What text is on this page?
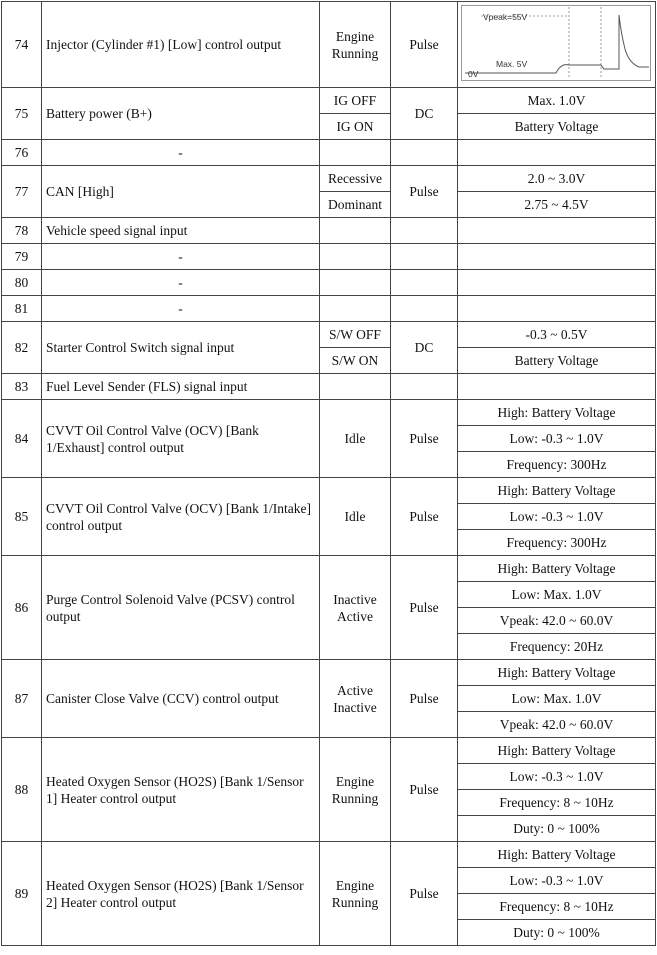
74	Injector (Cylinder #1) [Low] control output	Engine Running	Pulse	Vpeak=55V
Max. 5V
0V

75	Battery power (B+)	IG OFF	DC	Max. 1.0V
		IG ON		Battery Voltage
76	-			
77	CAN [High]	Recessive	Pulse	2.0 ~ 3.0V
		Dominant		2.75 ~ 4.5V
78	Vehicle speed signal input			
79	-			
80	-			
81	-			
82	Starter Control Switch signal input	S/W OFF	DC	-0.3 ~ 0.5V
		S/W ON		Battery Voltage
83	Fuel Level Sender (FLS) signal input			
84	CVVT Oil Control Valve (OCV) [Bank 1/Exhaust] control output	Idle	Pulse	High: Battery Voltage
				Low: -0.3 ~ 1.0V
				Frequency: 300Hz
85	CVVT Oil Control Valve (OCV) [Bank 1/Intake] control output	Idle	Pulse	High: Battery Voltage
				Low: -0.3 ~ 1.0V
				Frequency: 300Hz
86	Purge Control Solenoid Valve (PCSV) control output	Inactive Active	Pulse	High: Battery Voltage
				Low: Max. 1.0V
				Vpeak: 42.0 ~ 60.0V
				Frequency: 20Hz
87	Canister Close Valve (CCV) control output	Active Inactive	Pulse	High: Battery Voltage
				Low: Max. 1.0V
				Vpeak: 42.0 ~ 60.0V
88	Heated Oxygen Sensor (HO2S) [Bank 1/Sensor 1] Heater control output	Engine Running	Pulse	High: Battery Voltage
				Low: -0.3 ~ 1.0V
				Frequency: 8 ~ 10Hz
				Duty: 0 ~ 100%
89	Heated Oxygen Sensor (HO2S) [Bank 1/Sensor 2] Heater control output	Engine Running	Pulse	High: Battery Voltage
				Low: -0.3 ~ 1.0V
				Frequency: 8 ~ 10Hz
				Duty: 0 ~ 100%
